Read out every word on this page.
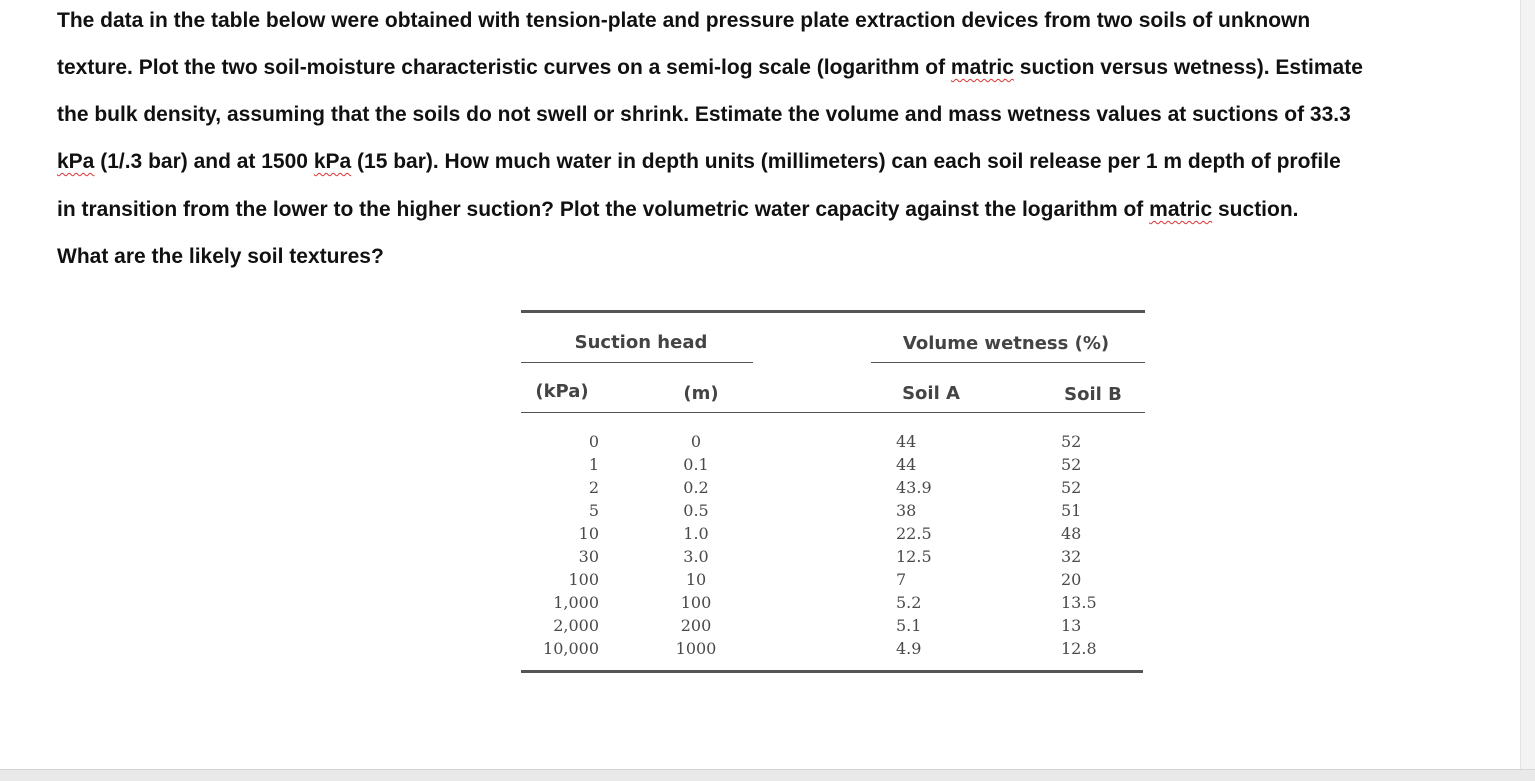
The data in the table below were obtained with tension-plate and pressure plate extraction devices from two soils of unknown
texture. Plot the two soil-moisture characteristic curves on a semi-log scale (logarithm of matric suction versus wetness). Estimate
the bulk density, assuming that the soils do not swell or shrink. Estimate the volume and mass wetness values at suctions of 33.3
kPa (1/.3 bar) and at 1500 kPa (15 bar). How much water in depth units (millimeters) can each soil release per 1 m depth of profile
in transition from the lower to the higher suction? Plot the volumetric water capacity against the logarithm of matric suction.
What are the likely soil textures?
Suction head	Volume wetness (%)
(kPa)	(m)	Soil A	Soil B
0	0	44	52
1	0.1	44	52
2	0.2	43.9	52
5	0.5	38	51
10	1.0	22.5	48
30	3.0	12.5	32
100	10	7	20
1,000	100	5.2	13.5
2,000	200	5.1	13
10,000	1000	4.9	12.8
